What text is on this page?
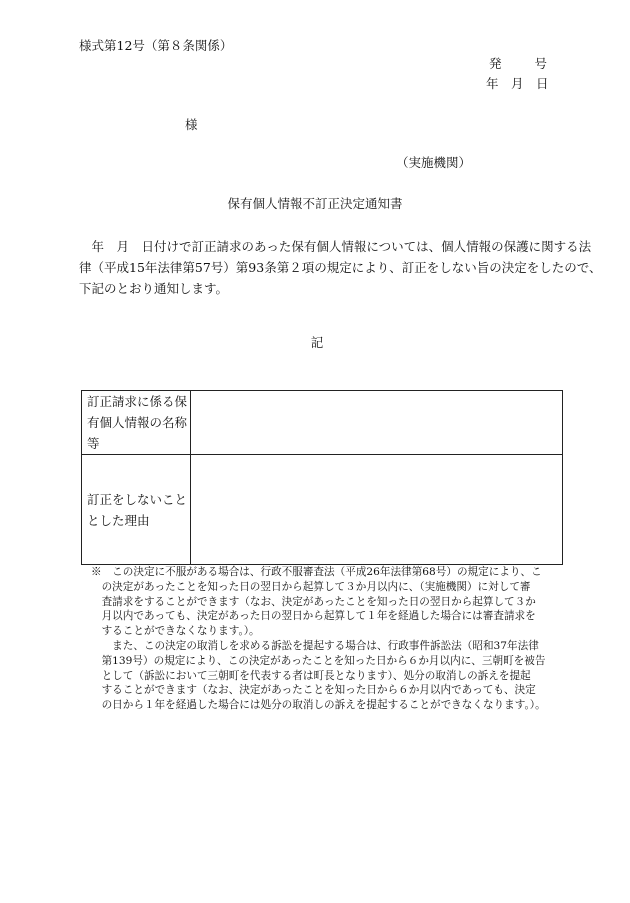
様式第12号（第８条関係）
発	号
年 月 日
様
（実施機関）
保有個人情報不訂正決定通知書
　年　月　日付けで訂正請求のあった保有個人情報については、個人情報の保護に関する法
律（平成15年法律第57号）第93条第２項の規定により、訂正をしない旨の決定をしたので、
下記のとおり通知します。
記
訂正請求に係る保
有個人情報の名称
等	

訂正をしないこと
とした理由	

※　この決定に不服がある場合は、行政不服審査法（平成26年法律第68号）の規定により、こ
　の決定があったことを知った日の翌日から起算して３か月以内に、（実施機関）に対して審
　査請求をすることができます（なお、決定があったことを知った日の翌日から起算して３か
　月以内であっても、決定があった日の翌日から起算して１年を経過した場合には審査請求を
　することができなくなります。）。
　　また、この決定の取消しを求める訴訟を提起する場合は、行政事件訴訟法（昭和37年法律
　第139号）の規定により、この決定があったことを知った日から６か月以内に、三朝町を被告
　として（訴訟において三朝町を代表する者は町長となります）、処分の取消しの訴えを提起
　することができます（なお、決定があったことを知った日から６か月以内であっても、決定
　の日から１年を経過した場合には処分の取消しの訴えを提起することができなくなります。）。
